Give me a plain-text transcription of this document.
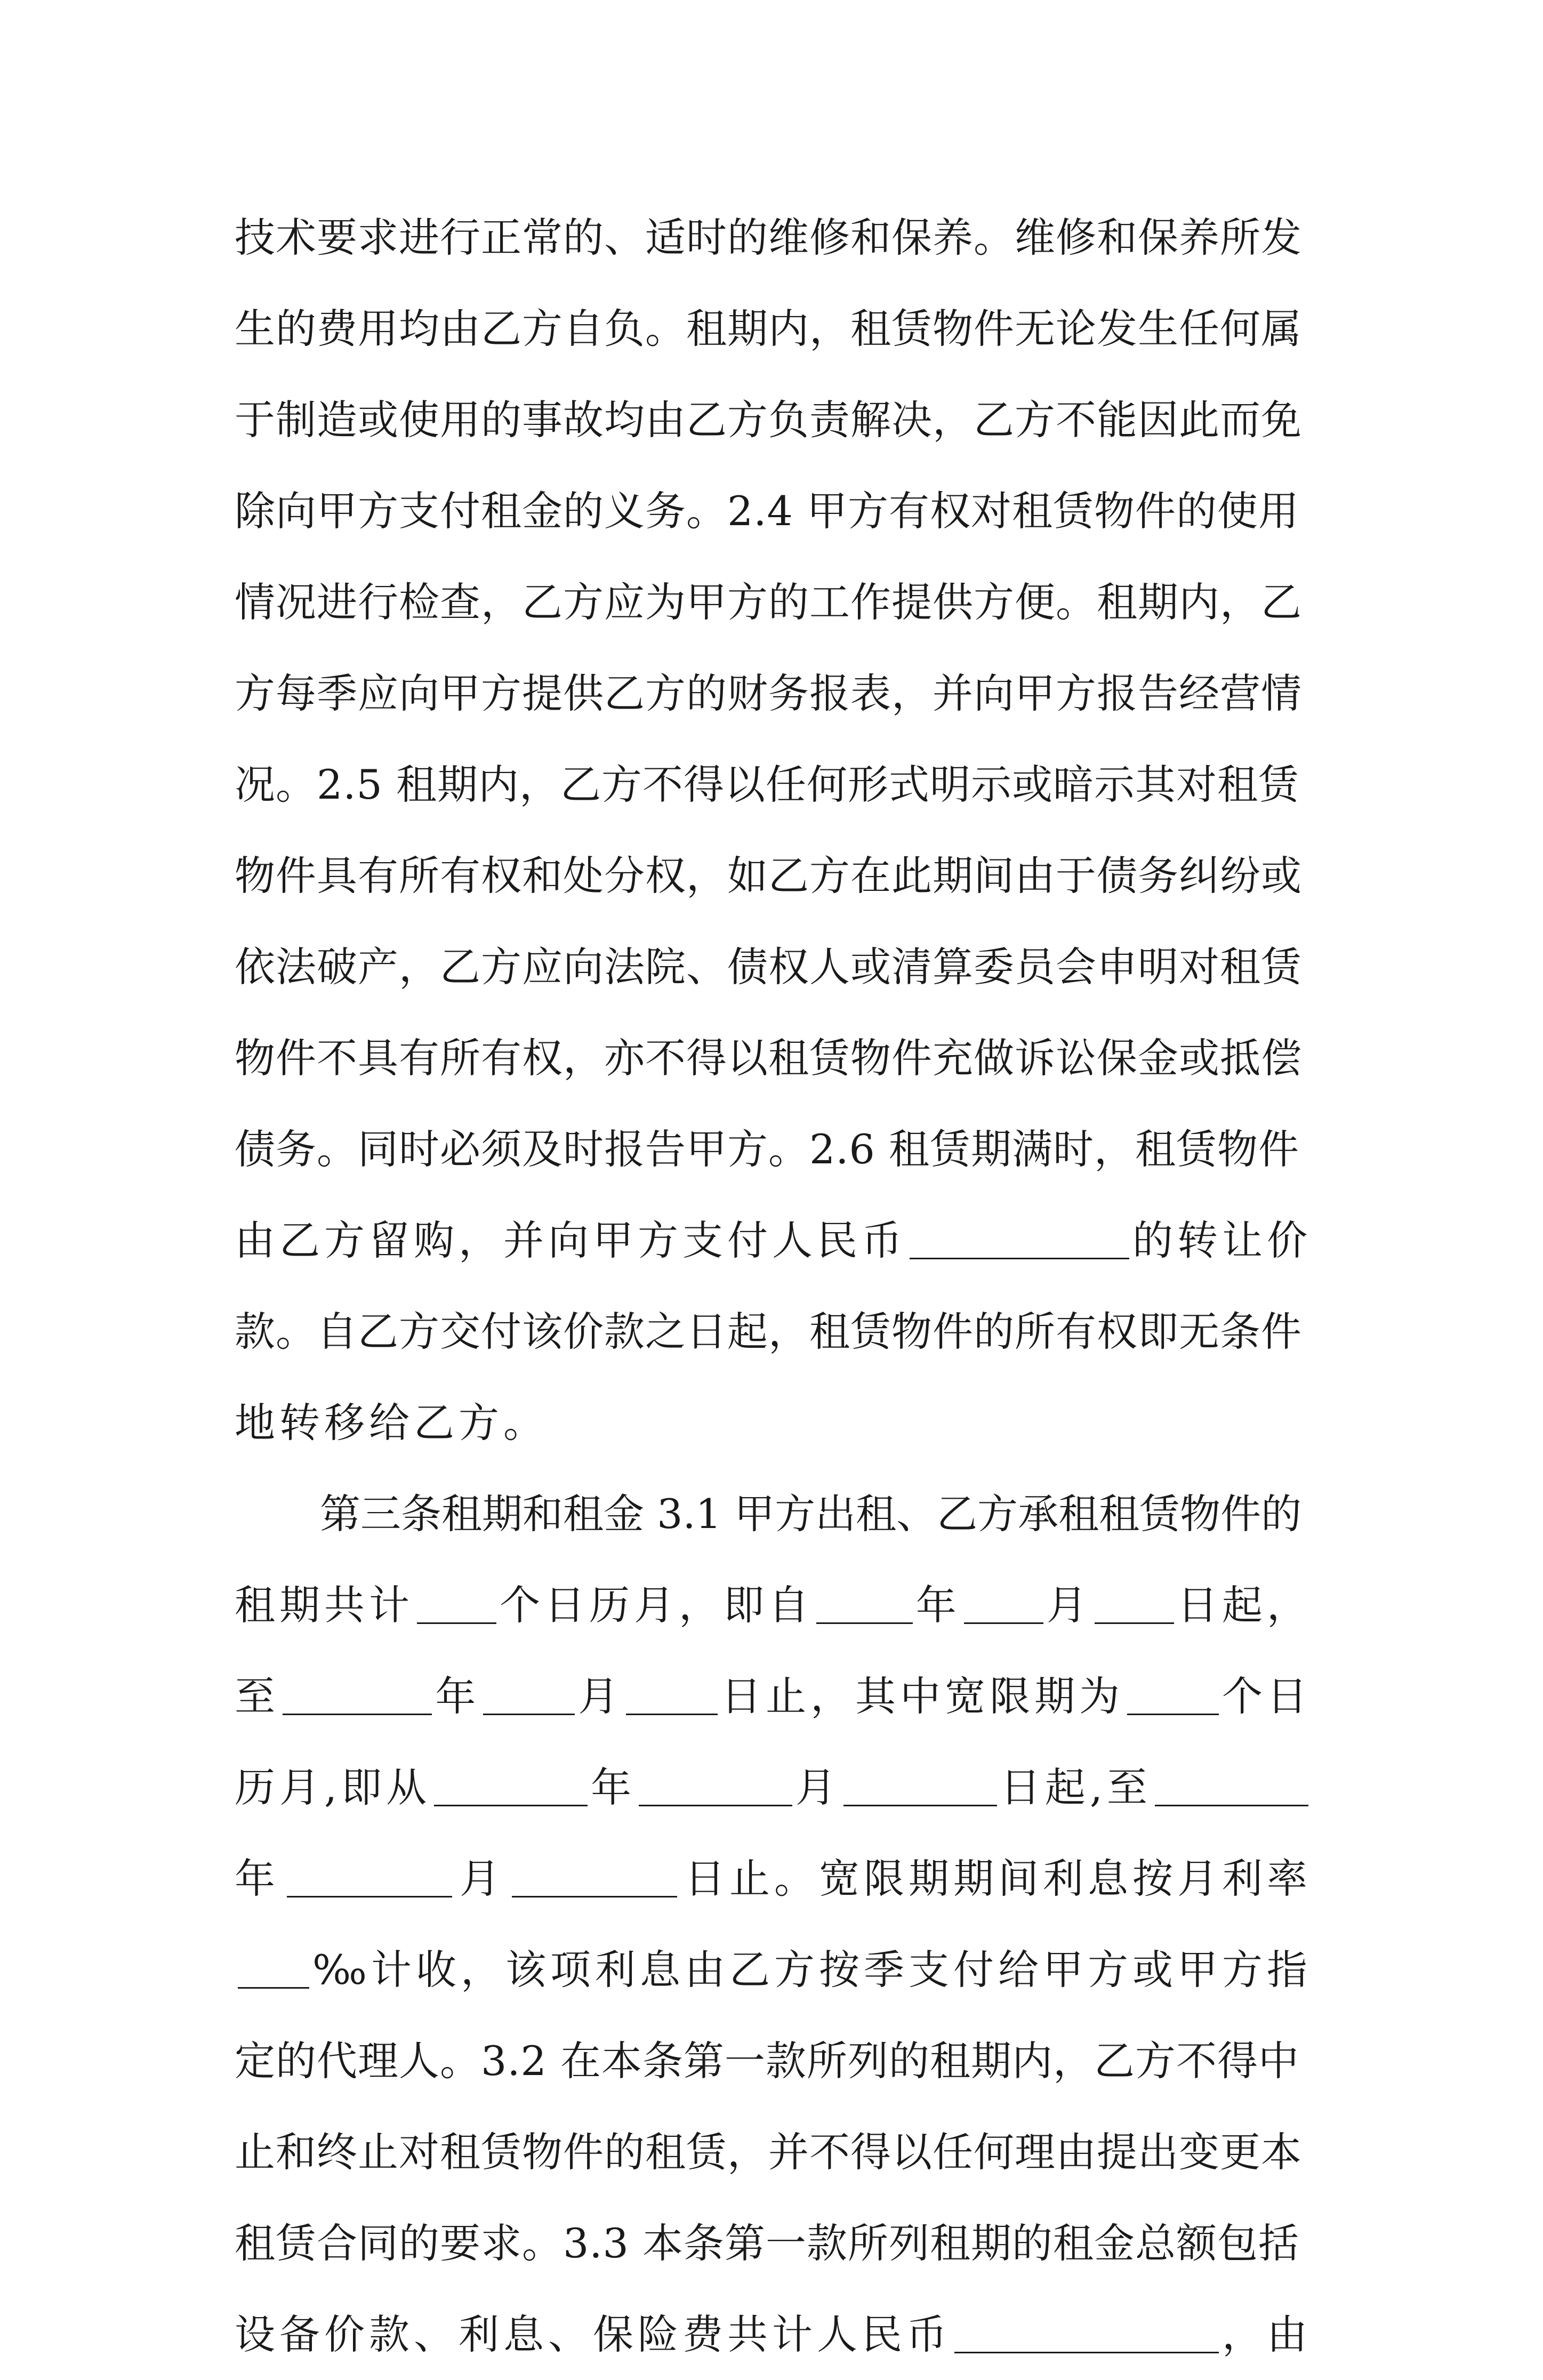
技术要求进行正常的、适时的维修和保养。维修和保养所发
生的费用均由乙方自负。租期内，租赁物件无论发生任何属
于制造或使用的事故均由乙方负责解决，乙方不能因此而免
除向甲方支付租金的义务。2.4 甲方有权对租赁物件的使用
情况进行检查，乙方应为甲方的工作提供方便。租期内，乙
方每季应向甲方提供乙方的财务报表，并向甲方报告经营情
况。2.5 租期内，乙方不得以任何形式明示或暗示其对租赁
物件具有所有权和处分权，如乙方在此期间由于债务纠纷或
依法破产，乙方应向法院、债权人或清算委员会申明对租赁
物件不具有所有权，亦不得以租赁物件充做诉讼保金或抵偿
债务。同时必须及时报告甲方。2.6 租赁期满时，租赁物件
由乙方留购，并向甲方支付人民币	的转让价
款。自乙方交付该价款之日起，租赁物件的所有权即无条件
地转移给乙方。
第三条租期和租金 3.1 甲方出租、乙方承租租赁物件的
租期共计 个日历月，即自	年 月 日起，
至	年 月 日止，其中宽限期为 个日
历月,即从	年	月	日起,至
年	月	日止。宽限期期间利息按月利率
‰计收，该项利息由乙方按季支付给甲方或甲方指
定的代理人。3.2 在本条第一款所列的租期内，乙方不得中
止和终止对租赁物件的租赁，并不得以任何理由提出变更本
租赁合同的要求。3.3 本条第一款所列租期的租金总额包括
设备价款、利息、保险费共计人民币	，由
